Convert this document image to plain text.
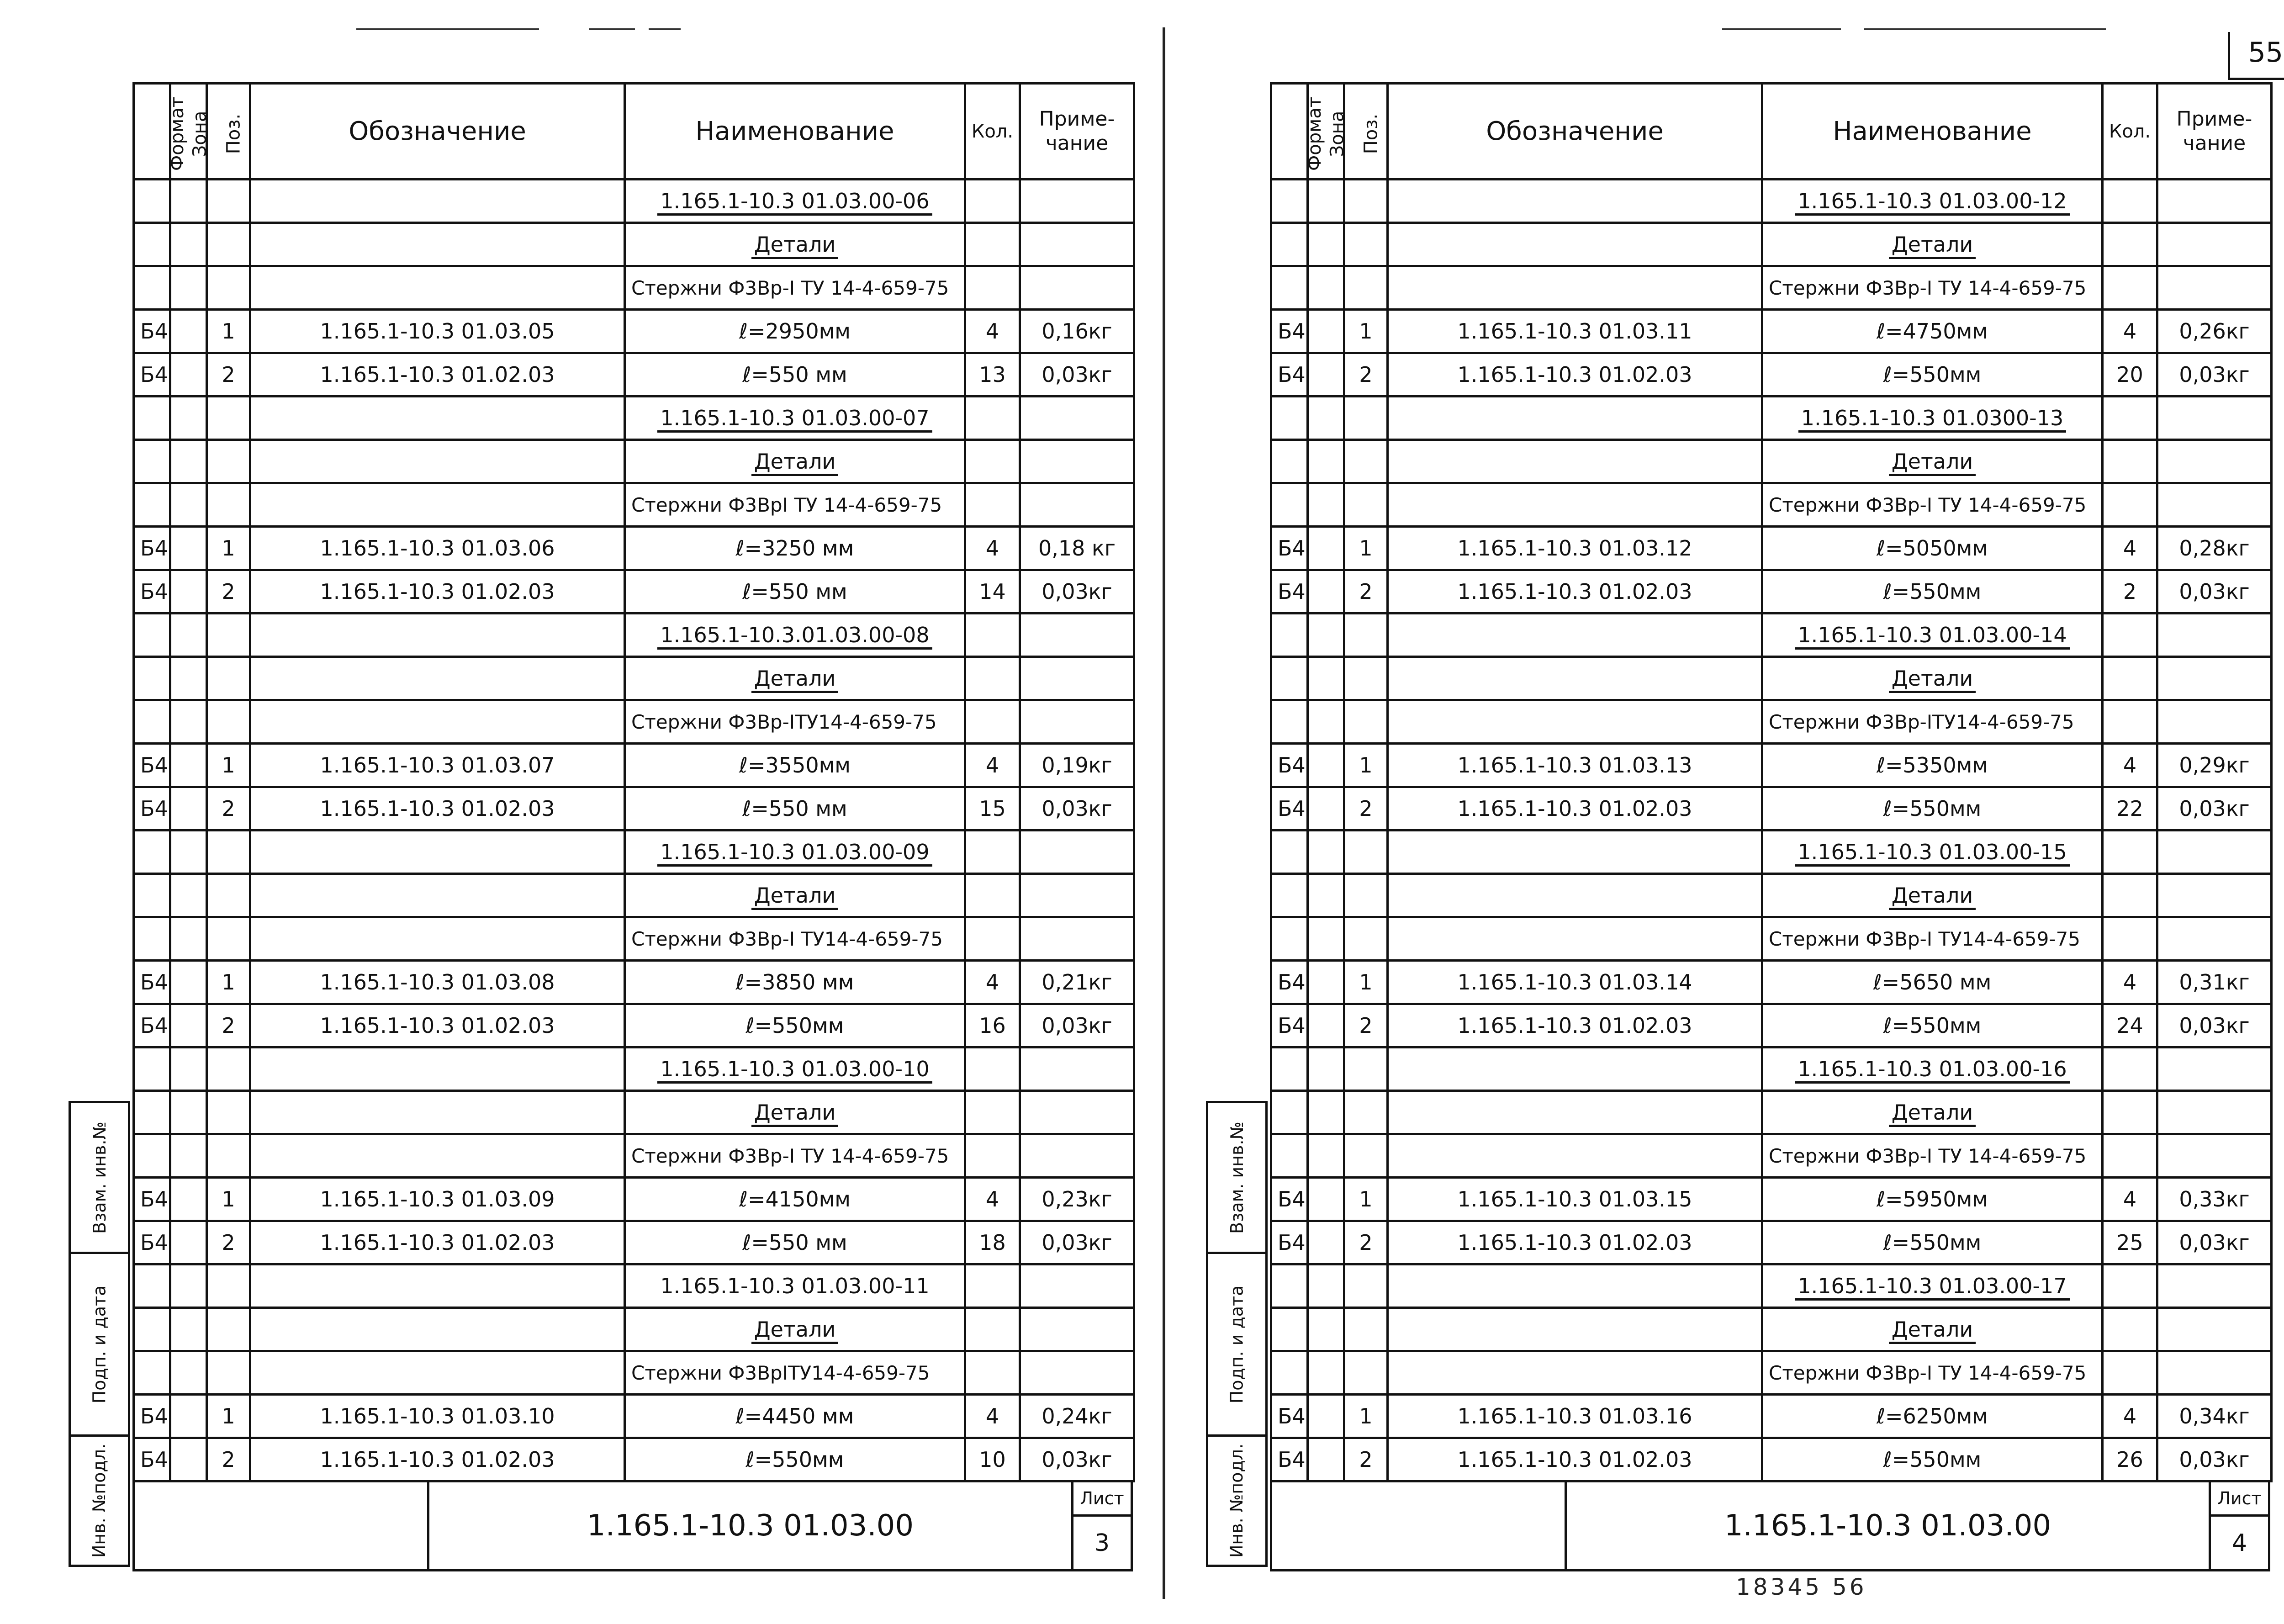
55
Формат	Зона	Поз.	Обозначение	Наименование	Кол.	Приме-чание
				1.165.1-10.3 01.03.00-06		
				Детали		
				Стержни Ф3Вр-I ТУ 14-4-659-75		
Б4		1	1.165.1-10.3 01.03.05	ℓ=2950мм	4	0,16кг
Б4		2	1.165.1-10.3 01.02.03	ℓ=550 мм	13	0,03кг
				1.165.1-10.3 01.03.00-07		
				Детали		
				Стержни Ф3ВрI ТУ 14-4-659-75		
Б4		1	1.165.1-10.3 01.03.06	ℓ=3250 мм	4	0,18 кг
Б4		2	1.165.1-10.3 01.02.03	ℓ=550 мм	14	0,03кг
				1.165.1-10.3.01.03.00-08		
				Детали		
				Стержни Ф3Вр-IТУ14-4-659-75		
Б4		1	1.165.1-10.3 01.03.07	ℓ=3550мм	4	0,19кг
Б4		2	1.165.1-10.3 01.02.03	ℓ=550 мм	15	0,03кг
				1.165.1-10.3 01.03.00-09		
				Детали		
				Стержни Ф3Вр-I ТУ14-4-659-75		
Б4		1	1.165.1-10.3 01.03.08	ℓ=3850 мм	4	0,21кг
Б4		2	1.165.1-10.3 01.02.03	ℓ=550мм	16	0,03кг
				1.165.1-10.3 01.03.00-10		
				Детали		
				Стержни Ф3Вр-I ТУ 14-4-659-75		
Б4		1	1.165.1-10.3 01.03.09	ℓ=4150мм	4	0,23кг
Б4		2	1.165.1-10.3 01.02.03	ℓ=550 мм	18	0,03кг
				1.165.1-10.3 01.03.00-11		
				Детали		
				Стержни Ф3ВрIТУ14-4-659-75		
Б4		1	1.165.1-10.3 01.03.10	ℓ=4450 мм	4	0,24кг
Б4		2	1.165.1-10.3 01.02.03	ℓ=550мм	10	0,03кг
1.165.1-10.3 01.03.00
Лист
3
Взам. инв.№
Подп. и дата
Инв. №подл.
Формат	Зона	Поз.	Обозначение	Наименование	Кол.	Приме-чание
				1.165.1-10.3 01.03.00-12		
				Детали		
				Стержни Ф3Вр-I ТУ 14-4-659-75		
Б4		1	1.165.1-10.3 01.03.11	ℓ=4750мм	4	0,26кг
Б4		2	1.165.1-10.3 01.02.03	ℓ=550мм	20	0,03кг
				1.165.1-10.3 01.0300-13		
				Детали		
				Стержни Ф3Вр-I ТУ 14-4-659-75		
Б4		1	1.165.1-10.3 01.03.12	ℓ=5050мм	4	0,28кг
Б4		2	1.165.1-10.3 01.02.03	ℓ=550мм	2	0,03кг
				1.165.1-10.3 01.03.00-14		
				Детали		
				Стержни Ф3Вр-IТУ14-4-659-75		
Б4		1	1.165.1-10.3 01.03.13	ℓ=5350мм	4	0,29кг
Б4		2	1.165.1-10.3 01.02.03	ℓ=550мм	22	0,03кг
				1.165.1-10.3 01.03.00-15		
				Детали		
				Стержни Ф3Вр-I ТУ14-4-659-75		
Б4		1	1.165.1-10.3 01.03.14	ℓ=5650 мм	4	0,31кг
Б4		2	1.165.1-10.3 01.02.03	ℓ=550мм	24	0,03кг
				1.165.1-10.3 01.03.00-16		
				Детали		
				Стержни Ф3Вр-I ТУ 14-4-659-75		
Б4		1	1.165.1-10.3 01.03.15	ℓ=5950мм	4	0,33кг
Б4		2	1.165.1-10.3 01.02.03	ℓ=550мм	25	0,03кг
				1.165.1-10.3 01.03.00-17		
				Детали		
				Стержни Ф3Вр-I ТУ 14-4-659-75		
Б4		1	1.165.1-10.3 01.03.16	ℓ=6250мм	4	0,34кг
Б4		2	1.165.1-10.3 01.02.03	ℓ=550мм	26	0,03кг
1.165.1-10.3 01.03.00
Лист
4
Взам. инв.№
Подп. и дата
Инв. №подл.
18345 56
